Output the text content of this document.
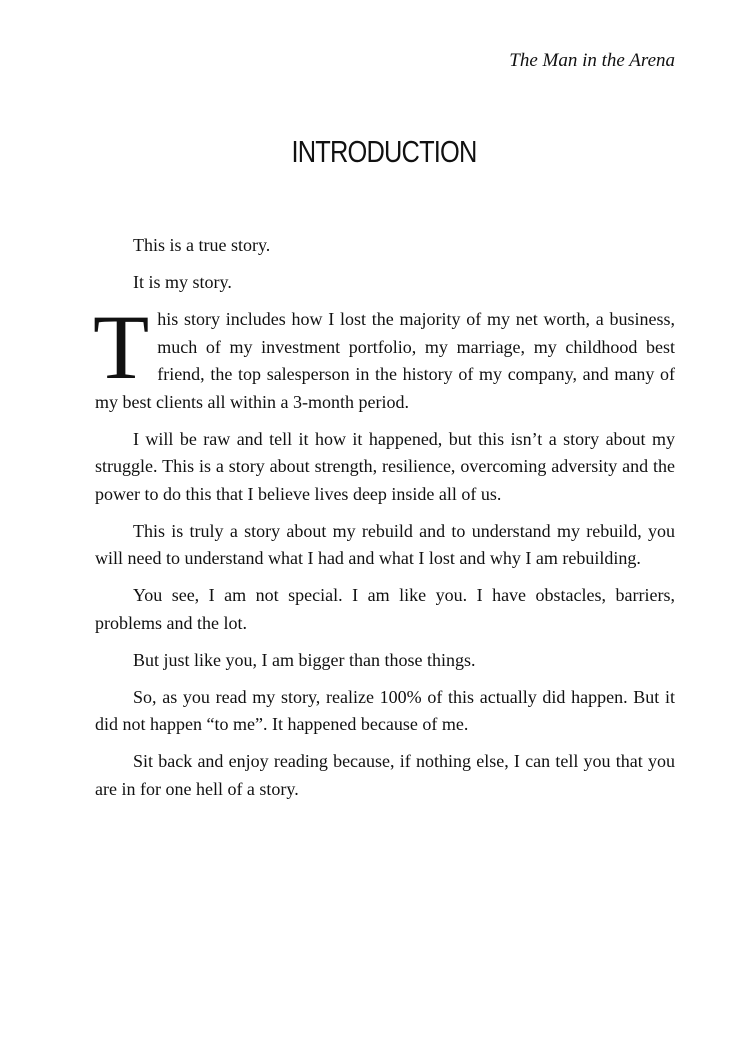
The Man in the Arena
INTRODUCTION

This is a true story.

It is my story.

This story includes how I lost the majority of my net worth, a business, much of my investment portfolio, my marriage, my childhood best friend, the top salesperson in the history of my company, and many of my best clients all within a 3-month period.

I will be raw and tell it how it happened, but this isn’t a story about my struggle. This is a story about strength, resilience, overcoming adversity and the power to do this that I believe lives deep inside all of us.

This is truly a story about my rebuild and to understand my rebuild, you will need to understand what I had and what I lost and why I am rebuilding.

You see, I am not special. I am like you. I have obstacles, barriers, problems and the lot.

But just like you, I am bigger than those things.

So, as you read my story, realize 100% of this actually did happen. But it did not happen “to me”. It happened because of me.

Sit back and enjoy reading because, if nothing else, I can tell you that you are in for one hell of a story.
